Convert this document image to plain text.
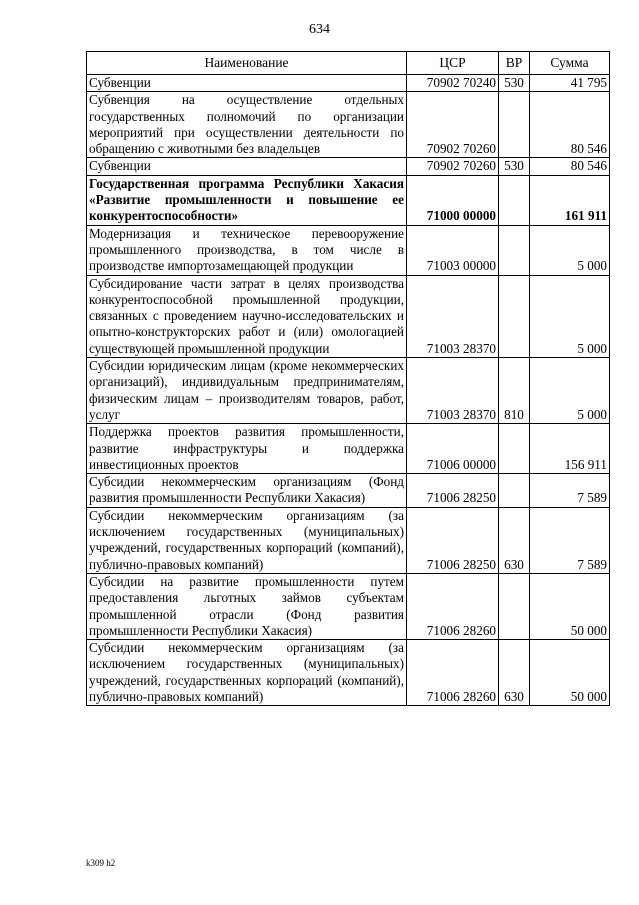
634
Наименование	ЦСР	ВР	Сумма
Субвенции	70902 70240	530	41 795
Субвенция на осуществление отдельных государственных полномочий по организации мероприятий при осуществлении деятельности по обращению с животными без владельцев	70902 70260		80 546
Субвенции	70902 70260	530	80 546
Государственная программа Республики Хакасия «Развитие промышленности и повышение ее конкурентоспособности»	71000 00000		161 911
Модернизация и техническое перевооружение промышленного производства, в том числе в производстве импортозамещающей продукции	71003 00000		5 000
Субсидирование части затрат в целях производства конкурентоспособной промышленной продукции, связанных с проведением научно-исследовательских и опытно-конструкторских работ и (или) омологацией существующей промышленной продукции	71003 28370		5 000
Субсидии юридическим лицам (кроме некоммерческих организаций), индивидуальным предпринимателям, физическим лицам – производителям товаров, работ, услуг	71003 28370	810	5 000
Поддержка проектов развития промышленности, развитие инфраструктуры и поддержка инвестиционных проектов	71006 00000		156 911
Субсидии некоммерческим организациям (Фонд развития промышленности Республики Хакасия)	71006 28250		7 589
Субсидии некоммерческим организациям (за исключением государственных (муниципальных) учреждений, государственных корпораций (компаний), публично-правовых компаний)	71006 28250	630	7 589
Субсидии на развитие промышленности путем предоставления льготных займов субъектам промышленной отрасли (Фонд развития промышленности Республики Хакасия)	71006 28260		50 000
Субсидии некоммерческим организациям (за исключением государственных (муниципальных) учреждений, государственных корпораций (компаний), публично-правовых компаний)	71006 28260	630	50 000
k309 h2
